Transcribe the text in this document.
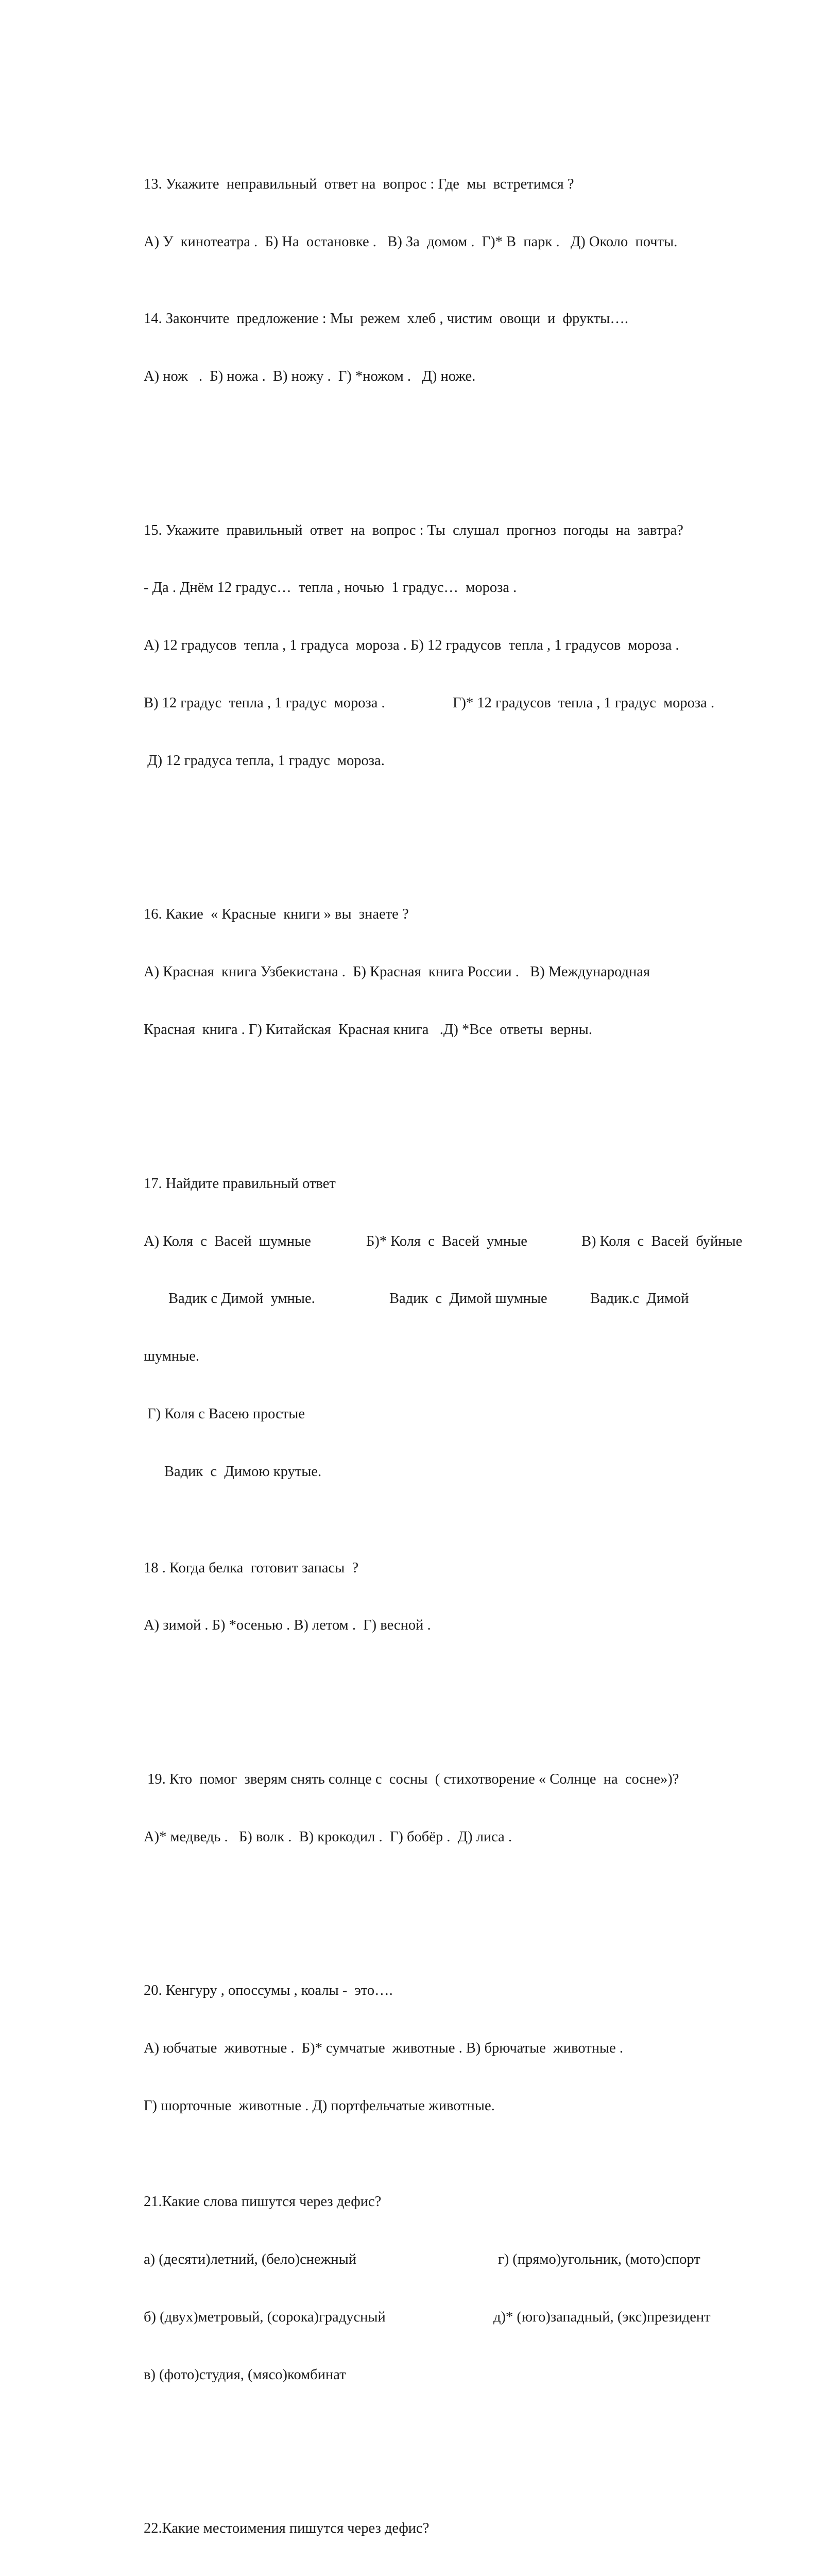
13. Укажите  неправильный  ответ на  вопрос : Где  мы  встретимся ?

А) У  кинотеатра .  Б) На  остановке .   В) За  домом .  Г)* В  парк .   Д) Около  почты.

14. Закончите  предложение : Мы  режем  хлеб , чистим  овощи  и  фрукты….

А) нож   .  Б) ножа .  В) ножу .  Г) *ножом .   Д) ноже.

15. Укажите  правильный  ответ  на  вопрос : Ты  слушал  прогноз  погоды  на  завтра?

- Да . Днём 12 градус…  тепла , ночью  1 градус…  мороза .

А) 12 градусов  тепла , 1 градуса  мороза . Б) 12 градусов  тепла , 1 градусов  мороза .

В) 12 градус  тепла , 1 градус  мороза .

	Г)* 12 градусов  тепла , 1 градус  мороза .

Д) 12 градуса тепла, 1 градус  мороза.

16. Какие  « Красные  книги » вы  знаете ?

А) Красная  книга Узбекистана .  Б) Красная  книга России .   В) Международная

Красная  книга . Г) Китайская  Красная книга   .Д) *Все  ответы  верны.

17. Найдите правильный ответ

А) Коля  с  Васей  шумные

	Б)* Коля  с  Васей  умные

	В) Коля  с  Васей  буйные

Вадик с Димой  умные.

	Вадик  с  Димой шумные

	Вадик.с  Димой

шумные.

Г) Коля с Васею простые

Вадик  с  Димою крутые.

18 . Когда белка  готовит запасы  ?

А) зимой . Б) *осенью . В) летом .  Г) весной .

19. Кто  помог  зверям снять солнце с  сосны  ( стихотворение « Солнце  на  сосне»)?

А)* медведь .   Б) волк .  В) крокодил .  Г) бобёр .  Д) лиса .

20. Кенгуру , опоссумы , коалы -  это….

А) юбчатые  животные .  Б)* сумчатые  животные . В) брючатые  животные .

Г) шорточные  животные . Д) портфельчатые животные.

21.Какие слова пишутся через дефис?

а) (десяти)летний, (бело)снежный

	г) (прямо)угольник, (мото)спорт

б) (двух)метровый, (сорока)градусный

	д)* (юго)западный, (экс)президент

в) (фото)студия, (мясо)комбинат

22.Какие местоимения пишутся через дефис?
